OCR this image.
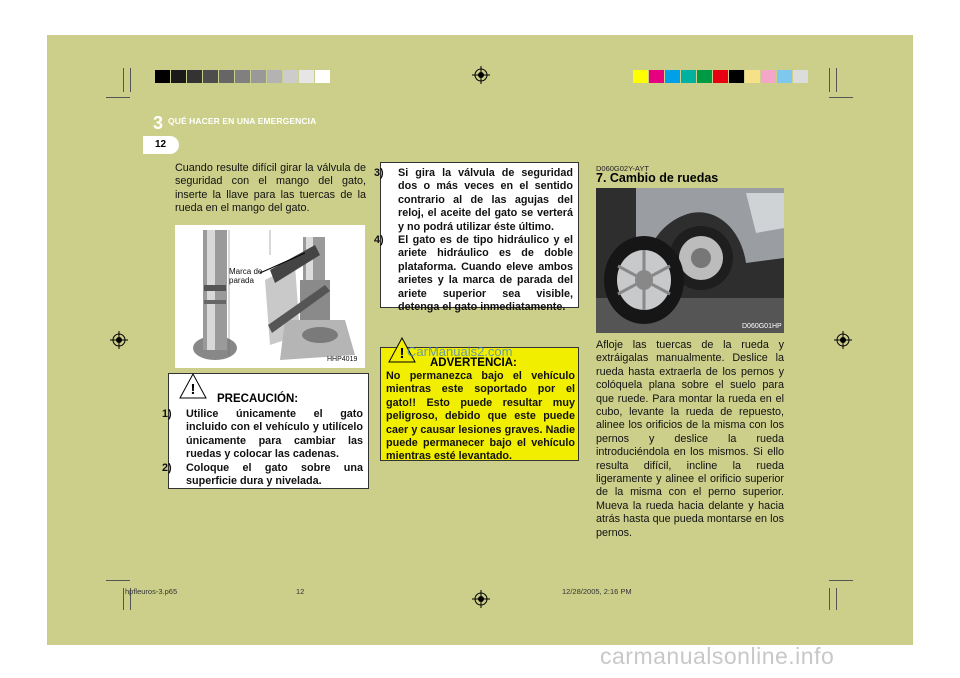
3 QUÉ HACER EN UNA EMERGENCIA
12
Cuando resulte difícil girar la válvula de seguridad con el mango del gato, inserte la llave para las tuercas de la rueda en el mango del gato.
Marca de parada
HHP4019
!
PRECAUCIÓN:
1) Utilice únicamente el gato incluido con el vehículo y utilícelo únicamente para cambiar las ruedas y colocar las cadenas.
2) Coloque el gato sobre una superficie dura y nivelada.
3) Si gira la válvula de seguridad dos o más veces en el sentido contrario al de las agujas del reloj, el aceite del gato se verterá y no podrá utilizar éste último.
4) El gato es de tipo hidráulico y el ariete hidráulico es de doble plataforma. Cuando eleve ambos arietes y la marca de parada del ariete superior sea visible, detenga el gato inmediatamente.
! CarManuals2.com
ADVERTENCIA:
No permanezca bajo el vehículo mientras este soportado por el gato!! Esto puede resultar muy peligroso, debido que este puede caer y causar lesiones graves. Nadie puede permanecer bajo el vehículo mientras esté levantado.
D060G02Y-AYT
7. Cambio de ruedas
D060G01HP
Afloje las tuercas de la rueda y extráigalas manualmente. Deslice la rueda hasta extraerla de los pernos y colóquela plana sobre el suelo para que ruede. Para montar la rueda en el cubo, levante la rueda de repuesto, alinee los orificios de la misma con los pernos y deslice la rueda introduciéndola en los mismos. Si ello resulta difícil, incline la rueda ligeramente y alinee el orificio superior de la misma con el perno superior. Mueva la rueda hacia delante y hacia atrás hasta que pueda montarse en los pernos.
hpfleuros-3.p65	12	12/28/2005, 2:16 PM
carmanualsonline.info
